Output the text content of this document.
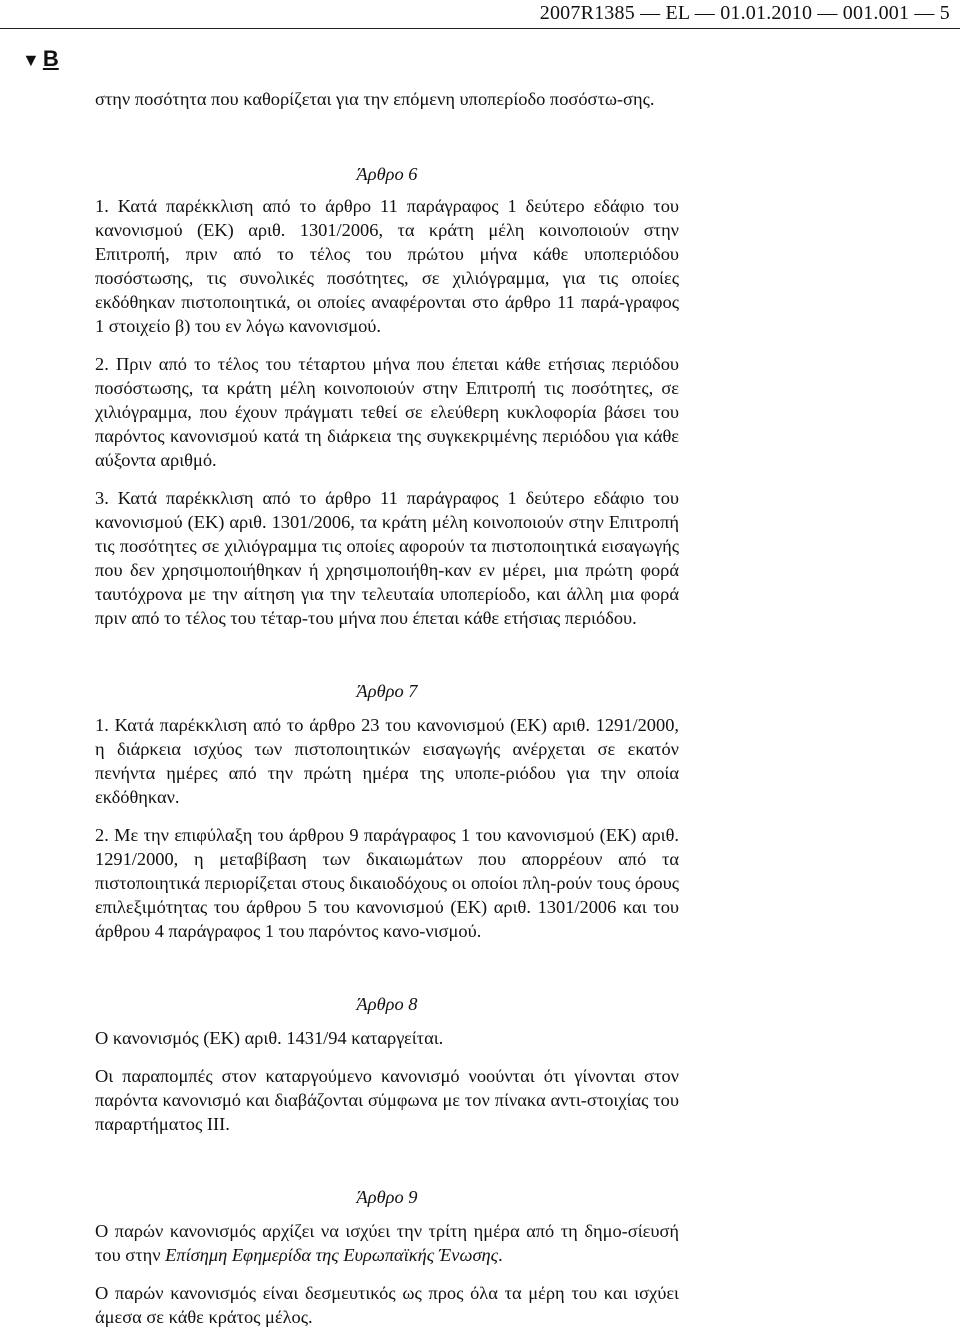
2007R1385 — EL — 01.01.2010 — 001.001 — 5
▼ B

στην ποσότητα που καθορίζεται για την επόμενη υποπερίοδο ποσόστω-σης.

Άρθρο 6

1. Κατά παρέκκλιση από το άρθρο 11 παράγραφος 1 δεύτερο εδάφιο του κανονισμού (ΕΚ) αριθ. 1301/2006, τα κράτη μέλη κοινοποιούν στην Επιτροπή, πριν από το τέλος του πρώτου μήνα κάθε υποπεριόδου ποσόστωσης, τις συνολικές ποσότητες, σε χιλιόγραμμα, για τις οποίες εκδόθηκαν πιστοποιητικά, οι οποίες αναφέρονται στο άρθρο 11 παρά-γραφος 1 στοιχείο β) του εν λόγω κανονισμού.

2. Πριν από το τέλος του τέταρτου μήνα που έπεται κάθε ετήσιας περιόδου ποσόστωσης, τα κράτη μέλη κοινοποιούν στην Επιτροπή τις ποσότητες, σε χιλιόγραμμα, που έχουν πράγματι τεθεί σε ελεύθερη κυκλοφορία βάσει του παρόντος κανονισμού κατά τη διάρκεια της συγκεκριμένης περιόδου για κάθε αύξοντα αριθμό.

3. Κατά παρέκκλιση από το άρθρο 11 παράγραφος 1 δεύτερο εδάφιο του κανονισμού (ΕΚ) αριθ. 1301/2006, τα κράτη μέλη κοινοποιούν στην Επιτροπή τις ποσότητες σε χιλιόγραμμα τις οποίες αφορούν τα πιστοποιητικά εισαγωγής που δεν χρησιμοποιήθηκαν ή χρησιμοποιήθη-καν εν μέρει, μια πρώτη φορά ταυτόχρονα με την αίτηση για την τελευταία υποπερίοδο, και άλλη μια φορά πριν από το τέλος του τέταρ-του μήνα που έπεται κάθε ετήσιας περιόδου.

Άρθρο 7

1. Κατά παρέκκλιση από το άρθρο 23 του κανονισμού (ΕΚ) αριθ. 1291/2000, η διάρκεια ισχύος των πιστοποιητικών εισαγωγής ανέρχεται σε εκατόν πενήντα ημέρες από την πρώτη ημέρα της υποπε-ριόδου για την οποία εκδόθηκαν.

2. Με την επιφύλαξη του άρθρου 9 παράγραφος 1 του κανονισμού (ΕΚ) αριθ. 1291/2000, η μεταβίβαση των δικαιωμάτων που απορρέουν από τα πιστοποιητικά περιορίζεται στους δικαιοδόχους οι οποίοι πλη-ρούν τους όρους επιλεξιμότητας του άρθρου 5 του κανονισμού (ΕΚ) αριθ. 1301/2006 και του άρθρου 4 παράγραφος 1 του παρόντος κανο-νισμού.

Άρθρο 8

Ο κανονισμός (ΕΚ) αριθ. 1431/94 καταργείται.

Οι παραπομπές στον καταργούμενο κανονισμό νοούνται ότι γίνονται στον παρόντα κανονισμό και διαβάζονται σύμφωνα με τον πίνακα αντι-στοιχίας του παραρτήματος III.

Άρθρο 9

Ο παρών κανονισμός αρχίζει να ισχύει την τρίτη ημέρα από τη δημο-σίευσή του στην Επίσημη Εφημερίδα της Ευρωπαϊκής Ένωσης.

Ο παρών κανονισμός είναι δεσμευτικός ως προς όλα τα μέρη του και ισχύει άμεσα σε κάθε κράτος μέλος.
